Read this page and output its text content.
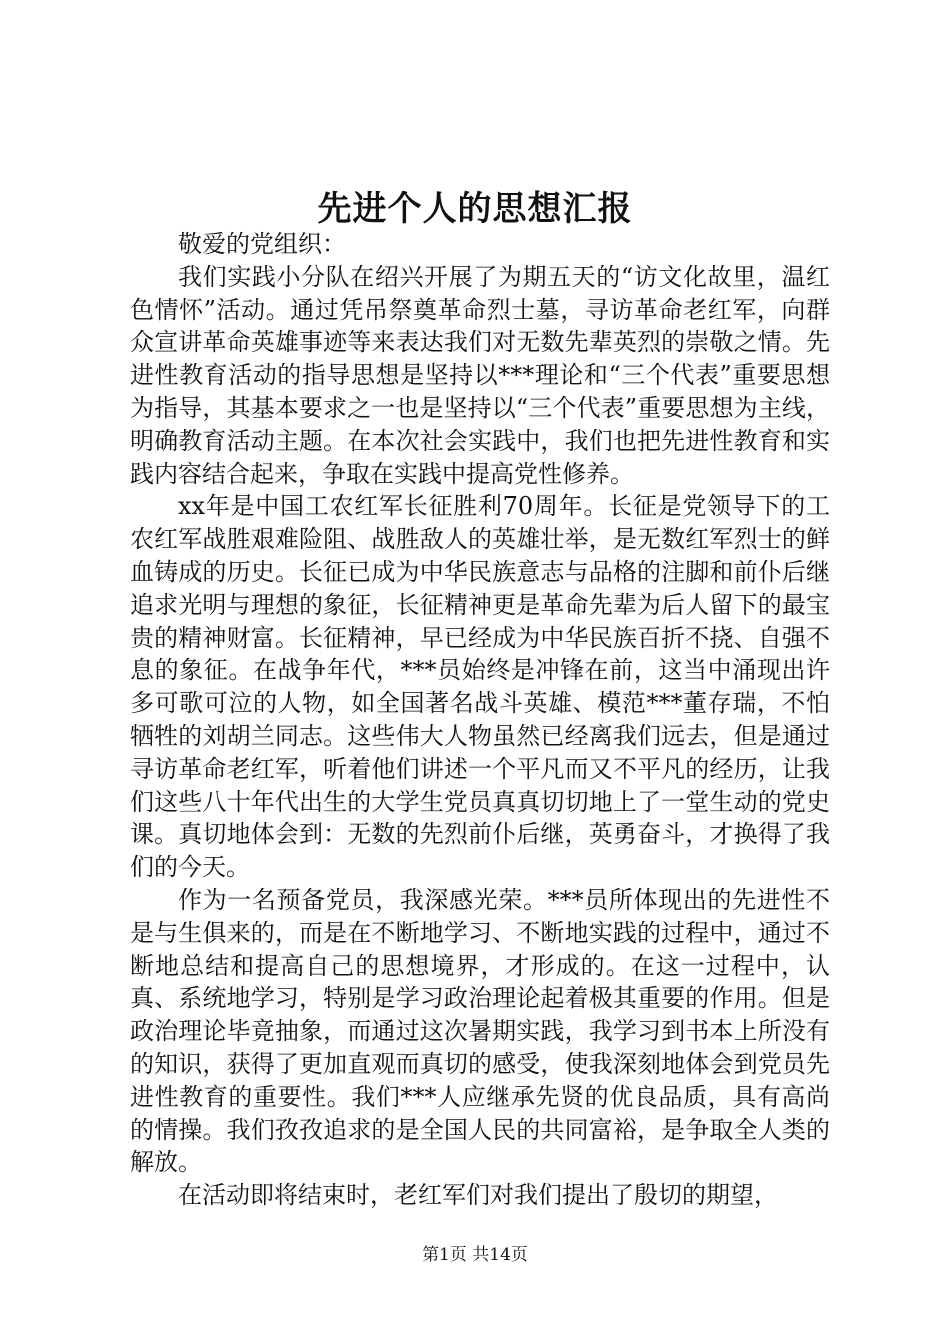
先进个人的思想汇报

敬爱的党组织：

我们实践小分队在绍兴开展了为期五天的“访文化故里，温红色情怀”活动。通过凭吊祭奠革命烈士墓，寻访革命老红军，向群众宣讲革命英雄事迹等来表达我们对无数先辈英烈的崇敬之情。先进性教育活动的指导思想是坚持以***理论和“三个代表”重要思想为指导，其基本要求之一也是坚持以“三个代表”重要思想为主线，明确教育活动主题。在本次社会实践中，我们也把先进性教育和实践内容结合起来，争取在实践中提高党性修养。

xx年是中国工农红军长征胜利70周年。长征是党领导下的工农红军战胜艰难险阻、战胜敌人的英雄壮举，是无数红军烈士的鲜血铸成的历史。长征已成为中华民族意志与品格的注脚和前仆后继追求光明与理想的象征，长征精神更是革命先辈为后人留下的最宝贵的精神财富。长征精神，早已经成为中华民族百折不挠、自强不息的象征。在战争年代，***员始终是冲锋在前，这当中涌现出许多可歌可泣的人物，如全国著名战斗英雄、模范***董存瑞，不怕牺牲的刘胡兰同志。这些伟大人物虽然已经离我们远去，但是通过寻访革命老红军，听着他们讲述一个平凡而又不平凡的经历，让我们这些八十年代出生的大学生党员真真切切地上了一堂生动的党史课。真切地体会到：无数的先烈前仆后继，英勇奋斗，才换得了我们的今天。

作为一名预备党员，我深感光荣。***员所体现出的先进性不是与生俱来的，而是在不断地学习、不断地实践的过程中，通过不断地总结和提高自己的思想境界，才形成的。在这一过程中，认真、系统地学习，特别是学习政治理论起着极其重要的作用。但是政治理论毕竟抽象，而通过这次暑期实践，我学习到书本上所没有的知识，获得了更加直观而真切的感受，使我深刻地体会到党员先进性教育的重要性。我们***人应继承先贤的优良品质，具有高尚的情操。我们孜孜追求的是全国人民的共同富裕，是争取全人类的解放。

在活动即将结束时，老红军们对我们提出了殷切的期望，

第1页 共14页
